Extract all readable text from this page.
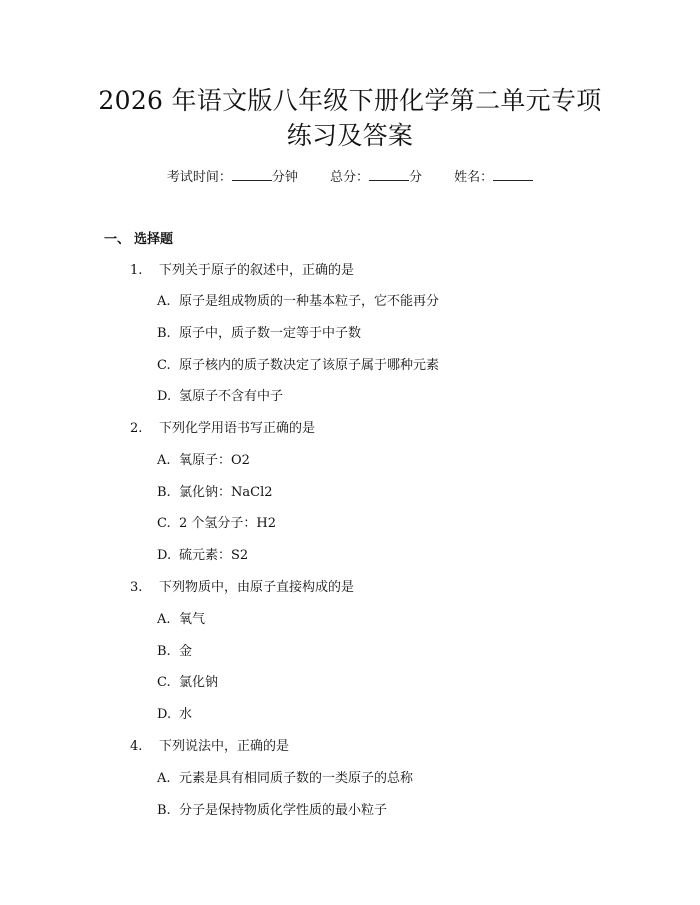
2026 年语文版八年级下册化学第二单元专项
练习及答案
考试时间：	分钟 总分：	分 姓名：
一、 选择题
1. 下列关于原子的叙述中，正确的是
A. 原子是组成物质的一种基本粒子，它不能再分
B. 原子中，质子数一定等于中子数
C. 原子核内的质子数决定了该原子属于哪种元素
D. 氢原子不含有中子
2. 下列化学用语书写正确的是
A. 氧原子：O2
B. 氯化钠：NaCl2
C. 2 个氢分子：H2
D. 硫元素：S2
3. 下列物质中，由原子直接构成的是
A. 氧气
B. 金
C. 氯化钠
D. 水
4. 下列说法中，正确的是
A. 元素是具有相同质子数的一类原子的总称
B. 分子是保持物质化学性质的最小粒子
